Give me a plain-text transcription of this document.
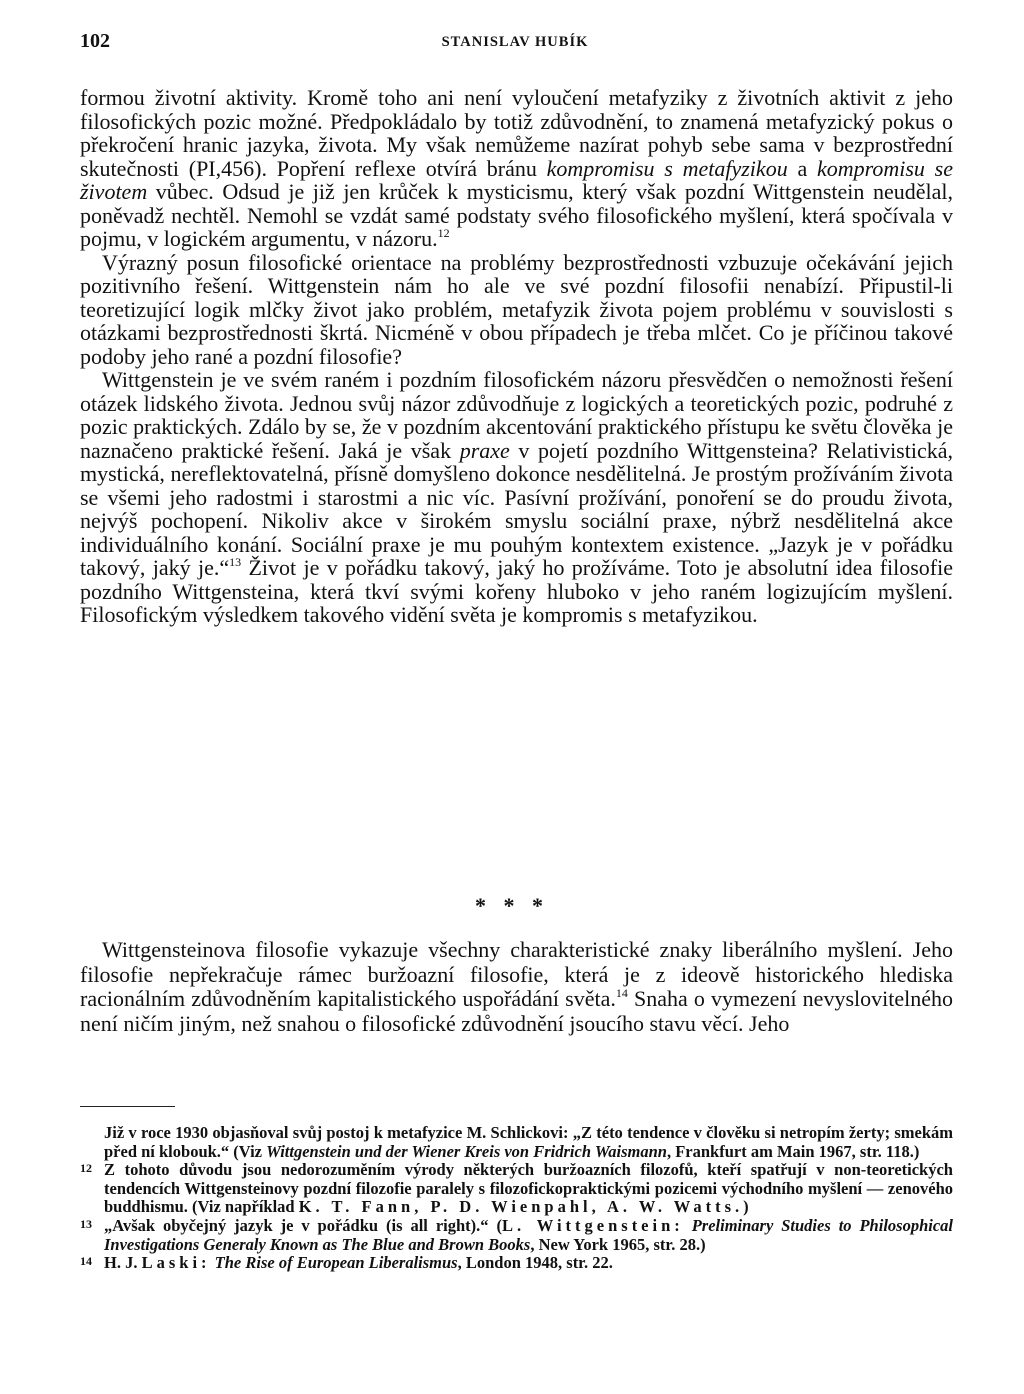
102	STANISLAV HUBÍK

formou životní aktivity. Kromě toho ani není vyloučení metafyziky z životních aktivit z jeho filosofických pozic možné. Předpokládalo by totiž zdůvodnění, to znamená metafyzický pokus o překročení hranic jazyka, života. My však nemůžeme nazírat pohyb sebe sama v bezprostřední skutečnosti (PI,456). Popření reflexe otvírá bránu kompromisu s metafyzikou a kompromisu se životem vůbec. Odsud je již jen krůček k mysticismu, který však pozdní Wittgenstein neudělal, poněvadž nechtěl. Nemohl se vzdát samé podstaty svého filosofického myšlení, která spočívala v pojmu, v logickém argumentu, v názoru.$^{12}$

Výrazný posun filosofické orientace na problémy bezprostřednosti vzbuzuje očekávání jejich pozitivního řešení. Wittgenstein nám ho ale ve své pozdní filosofii nenabízí. Připustil-li teoretizující logik mlčky život jako problém, metafyzik života pojem problému v souvislosti s otázkami bezprostřednosti škrtá. Nicméně v obou případech je třeba mlčet. Co je příčinou takové podoby jeho rané a pozdní filosofie?

Wittgenstein je ve svém raném i pozdním filosofickém názoru přesvědčen o nemožnosti řešení otázek lidského života. Jednou svůj názor zdůvodňuje z logických a teoretických pozic, podruhé z pozic praktických. Zdálo by se, že v pozdním akcentování praktického přístupu ke světu člověka je naznačeno praktické řešení. Jaká je však praxe v pojetí pozdního Wittgensteina? Relativistická, mystická, nereflektovatelná, přísně domyšleno dokonce nesdělitelná. Je prostým prožíváním života se všemi jeho radostmi i starostmi a nic víc. Pasívní prožívání, ponoření se do proudu života, nejvýš pochopení. Nikoliv akce v širokém smyslu sociální praxe, nýbrž nesdělitelná akce individuálního konání. Sociální praxe je mu pouhým kontextem existence. „Jazyk je v pořádku takový, jaký je.“$^{13}$ Život je v pořádku takový, jaký ho prožíváme. Toto je absolutní idea filosofie pozdního Wittgensteina, která tkví svými kořeny hluboko v jeho raném logizujícím myšlení. Filosofickým výsledkem takového vidění světa je kompromis s metafyzikou.

* * *

Wittgensteinova filosofie vykazuje všechny charakteristické znaky liberálního myšlení. Jeho filosofie nepřekračuje rámec buržoazní filosofie, která je z ideově historického hlediska racionálním zdůvodněním kapitalistického uspořádání světa.$^{14}$ Snaha o vymezení nevyslovitelného není ničím jiným, než snahou o filosofické zdůvodnění jsoucího stavu věcí. Jeho

Již v roce 1930 objasňoval svůj postoj k metafyzice M. Schlickovi: „Z této tendence v člověku si netropím žerty; smekám před ní klobouk.“ (Viz Wittgenstein und der Wiener Kreis von Fridrich Waismann, Frankfurt am Main 1967, str. 118.)
12 Z tohoto důvodu jsou nedorozuměním výrody některých buržoazních filozofů, kteří spatřují v non-teoretických tendencích Wittgensteinovy pozdní filozofie paralely s filozofickopraktickými pozicemi východního myšlení — zenového buddhismu. (Viz například K. T. Fann, P. D. Wienpahl, A. W. Watts.)
13 „Avšak obyčejný jazyk je v pořádku (is all right).“ (L. Wittgenstein: Preliminary Studies to Philosophical Investigations Generaly Known as The Blue and Brown Books, New York 1965, str. 28.)
14 H. J. Laski: The Rise of European Liberalismus, London 1948, str. 22.
